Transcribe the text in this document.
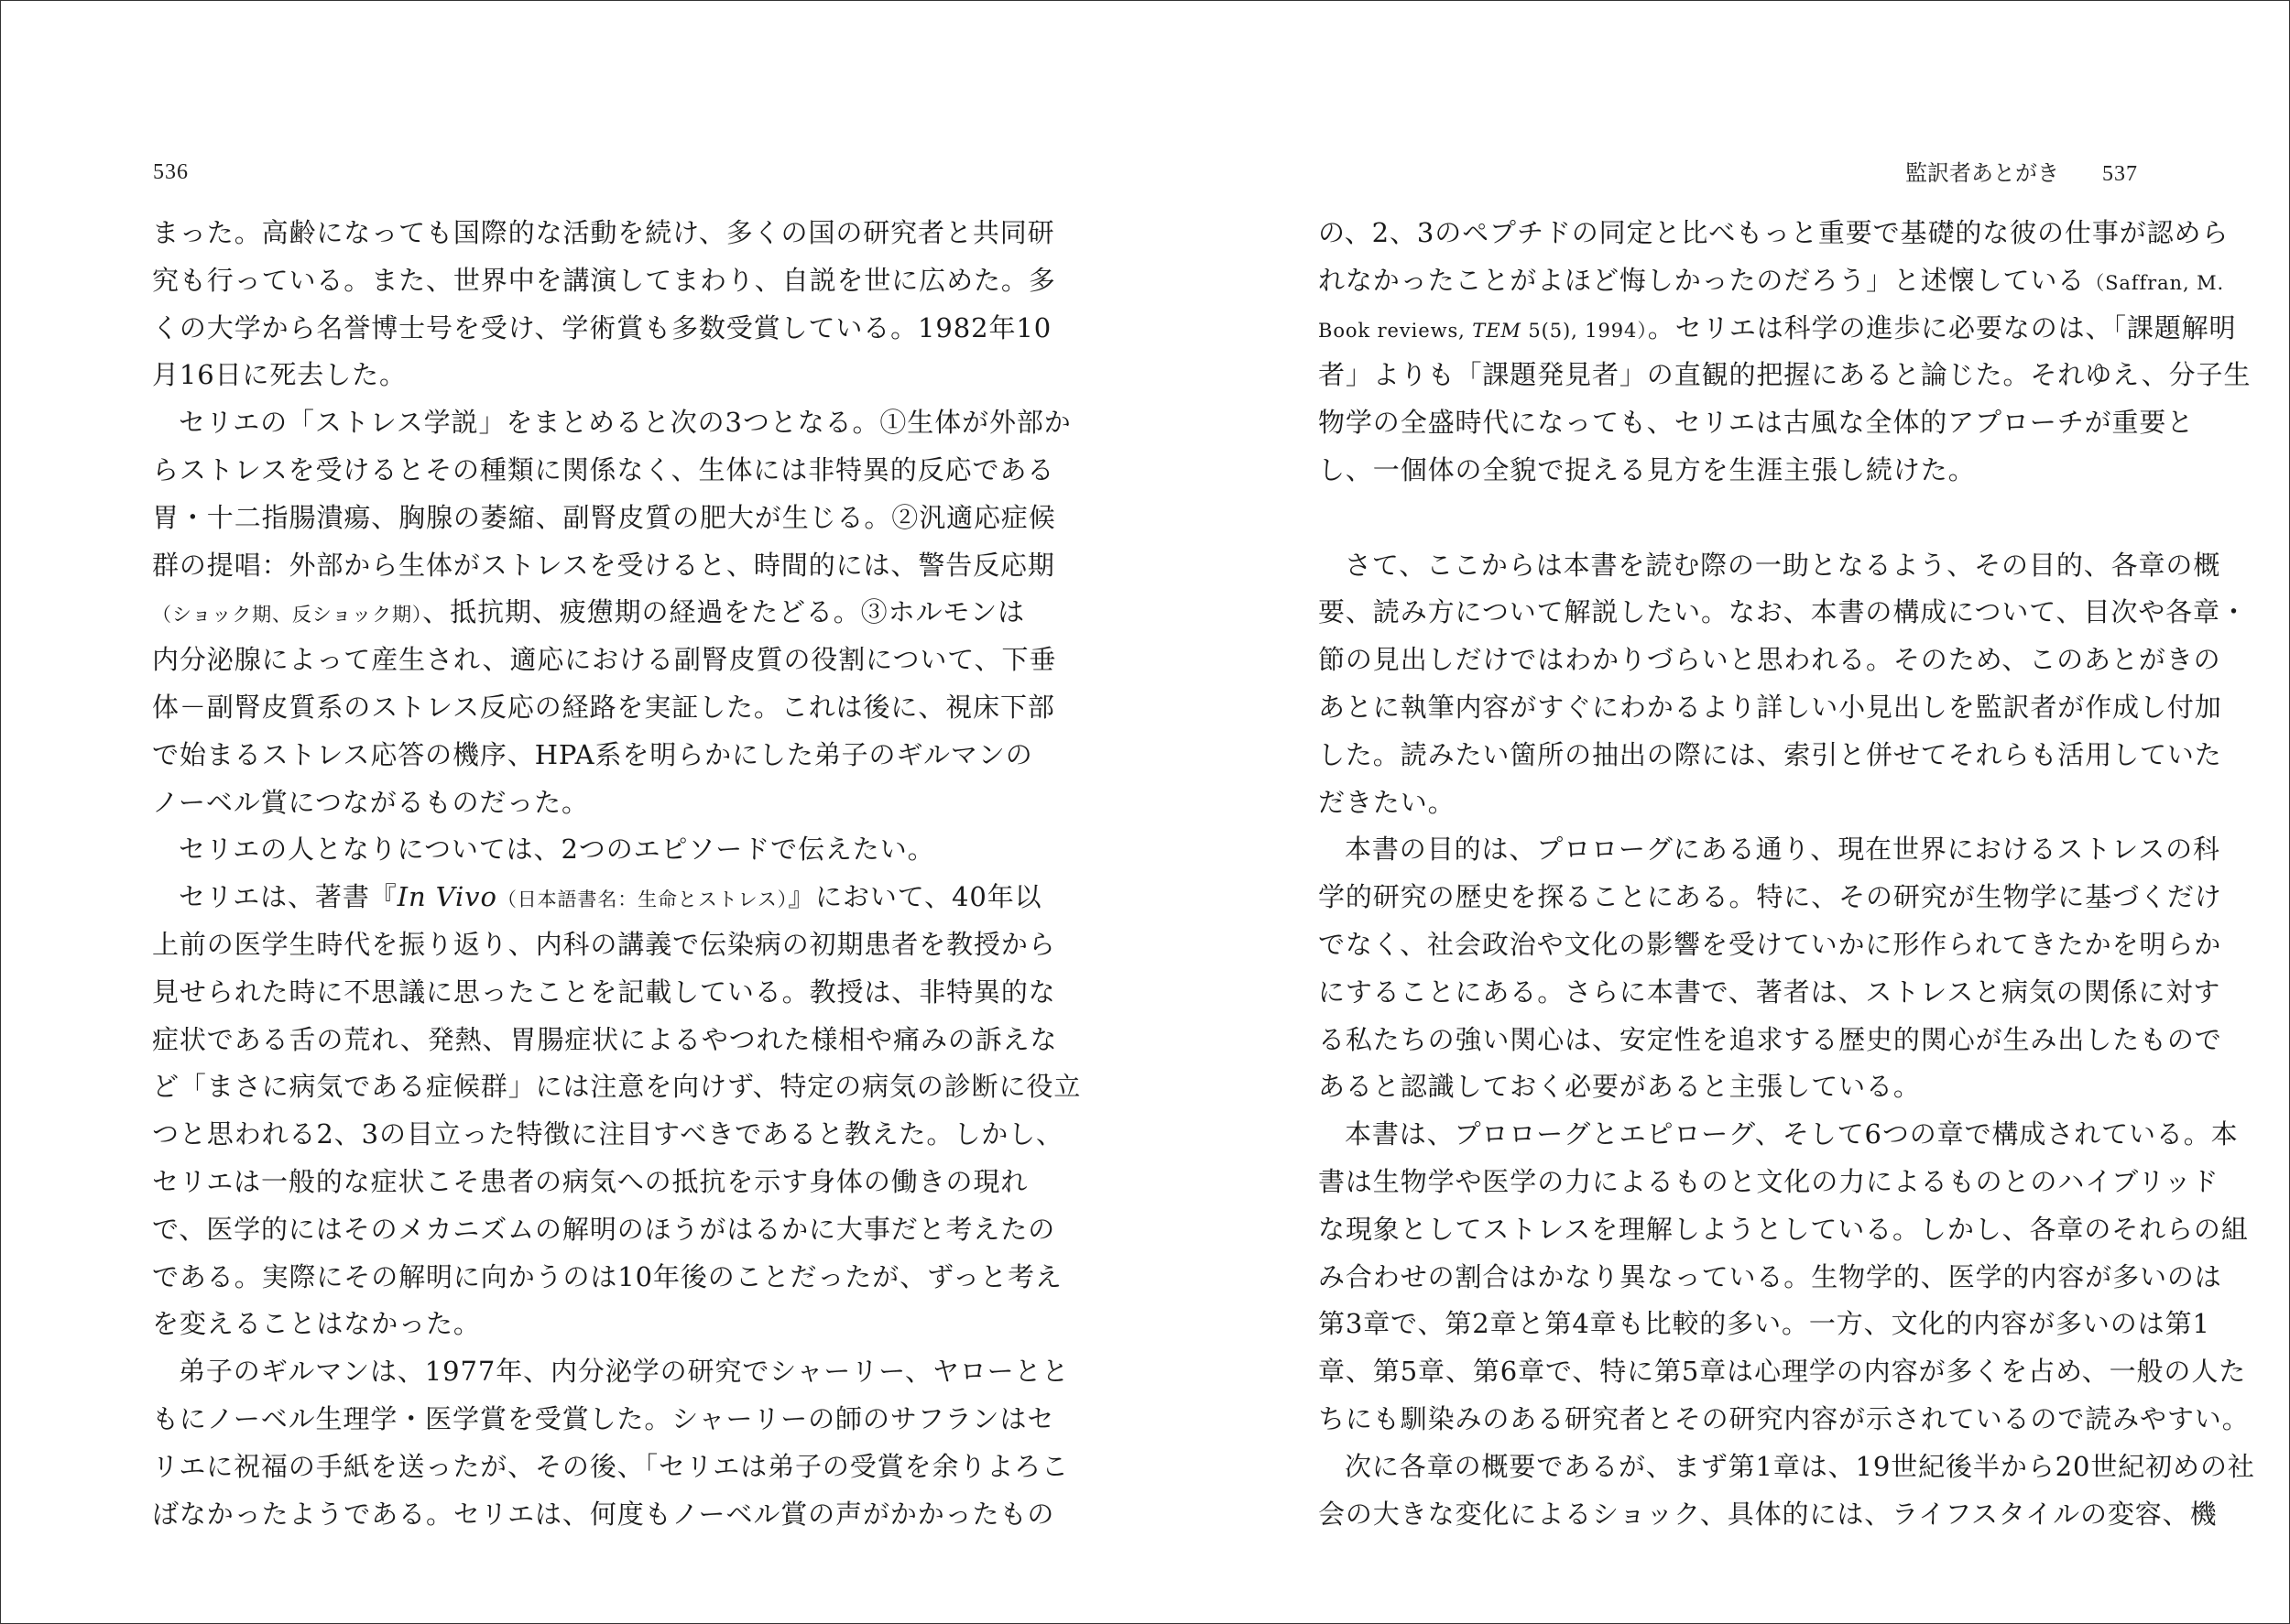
536
まった。高齢になっても国際的な活動を続け、多くの国の研究者と共同研
究も行っている。また、世界中を講演してまわり、自説を世に広めた。多
くの大学から名誉博士号を受け、学術賞も多数受賞している。1982年10
月16日に死去した。
セリエの「ストレス学説」をまとめると次の3つとなる。①生体が外部か
らストレスを受けるとその種類に関係なく、生体には非特異的反応である
胃・十二指腸潰瘍、胸腺の萎縮、副腎皮質の肥大が生じる。②汎適応症候
群の提唱：外部から生体がストレスを受けると、時間的には、警告反応期
（ショック期、反ショック期）、抵抗期、疲憊期の経過をたどる。③ホルモンは
内分泌腺によって産生され、適応における副腎皮質の役割について、下垂
体－副腎皮質系のストレス反応の経路を実証した。これは後に、視床下部
で始まるストレス応答の機序、HPA系を明らかにした弟子のギルマンの
ノーベル賞につながるものだった。
セリエの人となりについては、2つのエピソードで伝えたい。
セリエは、著書『In Vivo（日本語書名：生命とストレス）』において、40年以
上前の医学生時代を振り返り、内科の講義で伝染病の初期患者を教授から
見せられた時に不思議に思ったことを記載している。教授は、非特異的な
症状である舌の荒れ、発熱、胃腸症状によるやつれた様相や痛みの訴えな
ど「まさに病気である症候群」には注意を向けず、特定の病気の診断に役立
つと思われる2、3の目立った特徴に注目すべきであると教えた。しかし、
セリエは一般的な症状こそ患者の病気への抵抗を示す身体の働きの現れ
で、医学的にはそのメカニズムの解明のほうがはるかに大事だと考えたの
である。実際にその解明に向かうのは10年後のことだったが、ずっと考え
を変えることはなかった。
弟子のギルマンは、1977年、内分泌学の研究でシャーリー、ヤローとと
もにノーベル生理学・医学賞を受賞した。シャーリーの師のサフランはセ
リエに祝福の手紙を送ったが、その後、「セリエは弟子の受賞を余りよろこ
ばなかったようである。セリエは、何度もノーベル賞の声がかかったもの
監訳者あとがき 537
の、2、3のペプチドの同定と比べもっと重要で基礎的な彼の仕事が認めら
れなかったことがよほど悔しかったのだろう」と述懐している（Saffran, M.
Book reviews, TEM 5(5), 1994）。セリエは科学の進歩に必要なのは、「課題解明
者」よりも「課題発見者」の直観的把握にあると論じた。それゆえ、分子生
物学の全盛時代になっても、セリエは古風な全体的アプローチが重要と
し、一個体の全貌で捉える見方を生涯主張し続けた。
さて、ここからは本書を読む際の一助となるよう、その目的、各章の概
要、読み方について解説したい。なお、本書の構成について、目次や各章・
節の見出しだけではわかりづらいと思われる。そのため、このあとがきの
あとに執筆内容がすぐにわかるより詳しい小見出しを監訳者が作成し付加
した。読みたい箇所の抽出の際には、索引と併せてそれらも活用していた
だきたい。
本書の目的は、プロローグにある通り、現在世界におけるストレスの科
学的研究の歴史を探ることにある。特に、その研究が生物学に基づくだけ
でなく、社会政治や文化の影響を受けていかに形作られてきたかを明らか
にすることにある。さらに本書で、著者は、ストレスと病気の関係に対す
る私たちの強い関心は、安定性を追求する歴史的関心が生み出したもので
あると認識しておく必要があると主張している。
本書は、プロローグとエピローグ、そして6つの章で構成されている。本
書は生物学や医学の力によるものと文化の力によるものとのハイブリッド
な現象としてストレスを理解しようとしている。しかし、各章のそれらの組
み合わせの割合はかなり異なっている。生物学的、医学的内容が多いのは
第3章で、第2章と第4章も比較的多い。一方、文化的内容が多いのは第1
章、第5章、第6章で、特に第5章は心理学の内容が多くを占め、一般の人た
ちにも馴染みのある研究者とその研究内容が示されているので読みやすい。
次に各章の概要であるが、まず第1章は、19世紀後半から20世紀初めの社
会の大きな変化によるショック、具体的には、ライフスタイルの変容、機
